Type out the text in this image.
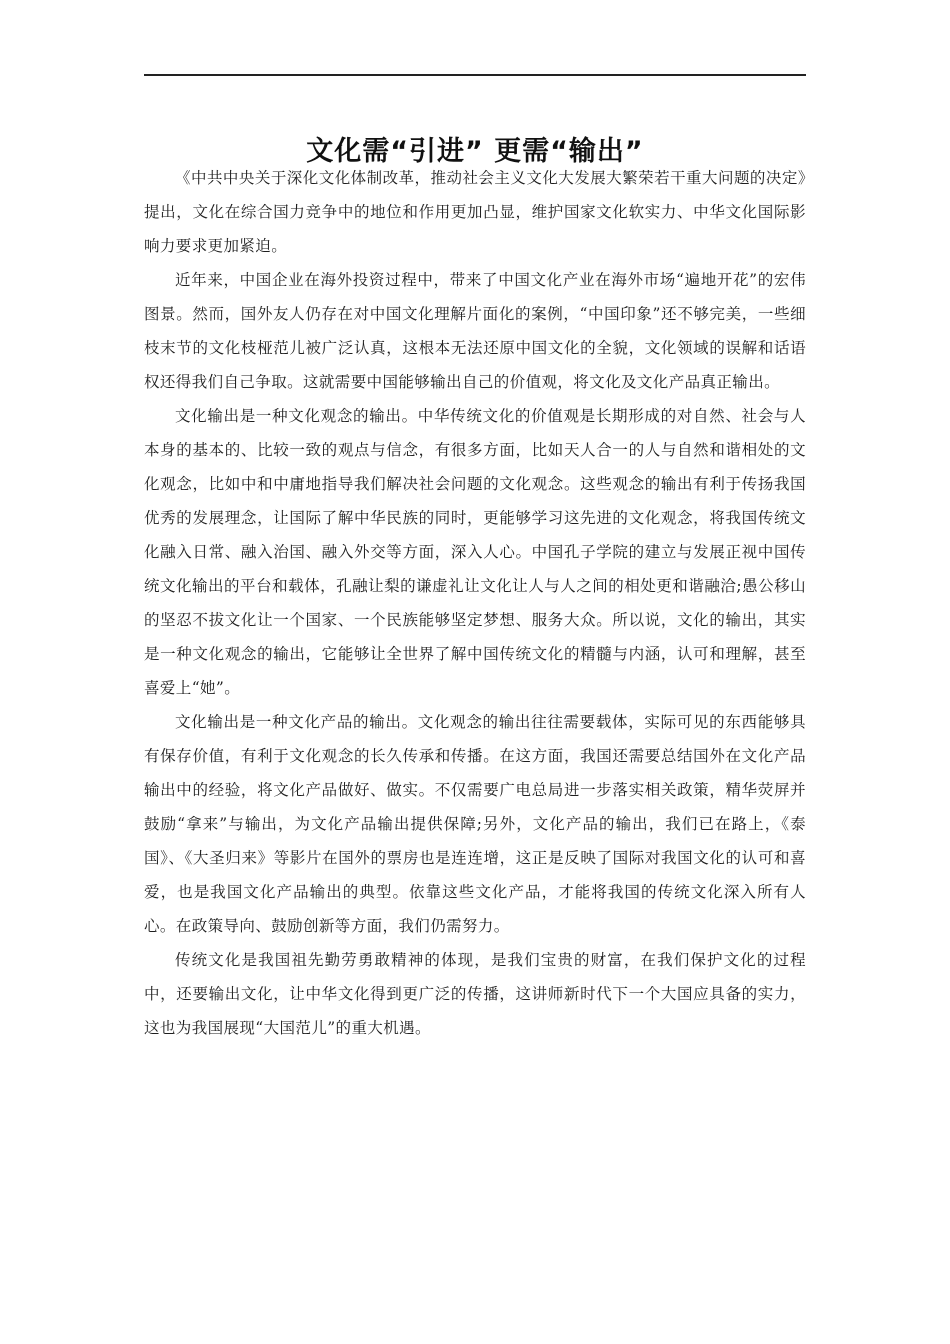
文化需“引进” 更需“输出”

《中共中央关于深化文化体制改革，推动社会主义文化大发展大繁荣若干重大问题的决定》提出，文化在综合国力竞争中的地位和作用更加凸显，维护国家文化软实力、中华文化国际影响力要求更加紧迫。

近年来，中国企业在海外投资过程中，带来了中国文化产业在海外市场“遍地开花”的宏伟图景。然而，国外友人仍存在对中国文化理解片面化的案例，“中国印象”还不够完美，一些细枝末节的文化枝桠范儿被广泛认真，这根本无法还原中国文化的全貌，文化领域的误解和话语权还得我们自己争取。这就需要中国能够输出自己的价值观，将文化及文化产品真正输出。

文化输出是一种文化观念的输出。中华传统文化的价值观是长期形成的对自然、社会与人本身的基本的、比较一致的观点与信念，有很多方面，比如天人合一的人与自然和谐相处的文化观念，比如中和中庸地指导我们解决社会问题的文化观念。这些观念的输出有利于传扬我国优秀的发展理念，让国际了解中华民族的同时，更能够学习这先进的文化观念，将我国传统文化融入日常、融入治国、融入外交等方面，深入人心。中国孔子学院的建立与发展正视中国传统文化输出的平台和载体，孔融让梨的谦虚礼让文化让人与人之间的相处更和谐融洽;愚公移山的坚忍不拔文化让一个国家、一个民族能够坚定梦想、服务大众。所以说，文化的输出，其实是一种文化观念的输出，它能够让全世界了解中国传统文化的精髓与内涵，认可和理解，甚至喜爱上“她”。

文化输出是一种文化产品的输出。文化观念的输出往往需要载体，实际可见的东西能够具有保存价值，有利于文化观念的长久传承和传播。在这方面，我国还需要总结国外在文化产品输出中的经验，将文化产品做好、做实。不仅需要广电总局进一步落实相关政策，精华荧屏并鼓励“拿来”与输出，为文化产品输出提供保障;另外，文化产品的输出，我们已在路上，《泰国》、《大圣归来》等影片在国外的票房也是连连增，这正是反映了国际对我国文化的认可和喜爱，也是我国文化产品输出的典型。依靠这些文化产品，才能将我国的传统文化深入所有人心。在政策导向、鼓励创新等方面，我们仍需努力。

传统文化是我国祖先勤劳勇敢精神的体现，是我们宝贵的财富，在我们保护文化的过程中，还要输出文化，让中华文化得到更广泛的传播，这讲师新时代下一个大国应具备的实力，这也为我国展现“大国范儿”的重大机遇。
